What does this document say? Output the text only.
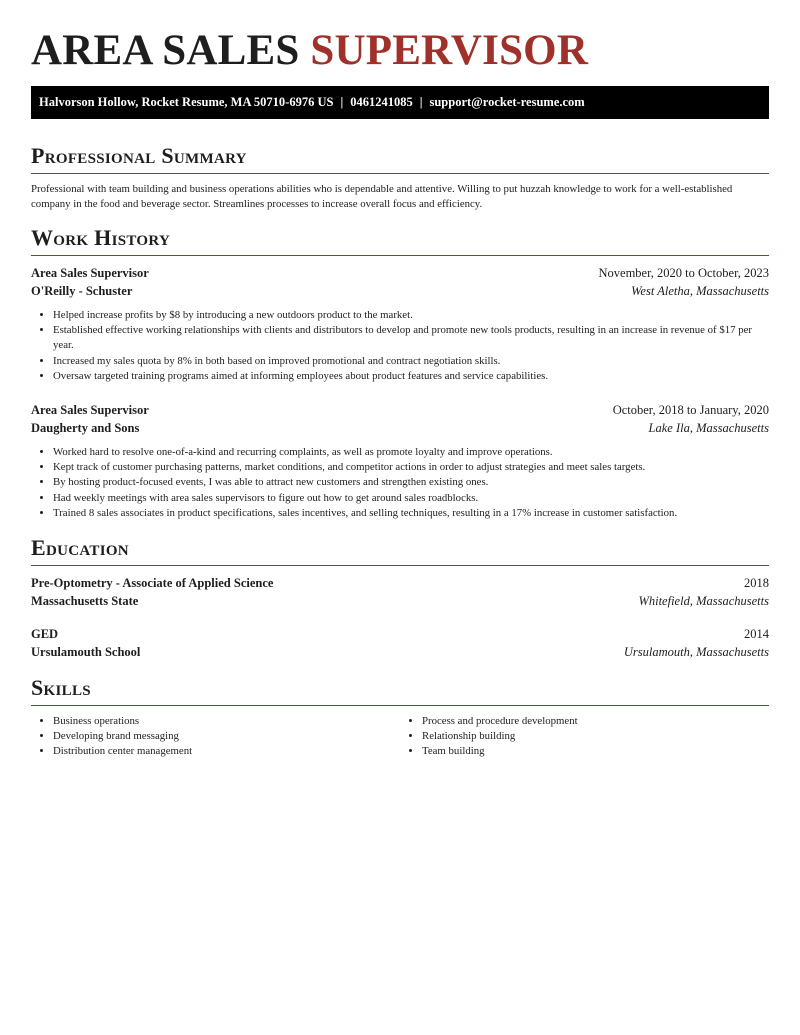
AREA SALES SUPERVISOR
Halvorson Hollow, Rocket Resume, MA 50710-6976 US | 0461241085 | support@rocket-resume.com
Professional Summary

Professional with team building and business operations abilities who is dependable and attentive. Willing to put huzzah knowledge to work for a well-established company in the food and beverage sector. Streamlines processes to increase overall focus and efficiency.

Work History
Area Sales Supervisor	November, 2020 to October, 2023
O'Reilly - Schuster	West Aletha, Massachusetts
• Helped increase profits by $8 by introducing a new outdoors product to the market.
• Established effective working relationships with clients and distributors to develop and promote new tools products, resulting in an increase in revenue of $17 per year.
• Increased my sales quota by 8% in both based on improved promotional and contract negotiation skills.
• Oversaw targeted training programs aimed at informing employees about product features and service capabilities.
Area Sales Supervisor	October, 2018 to January, 2020
Daugherty and Sons	Lake Ila, Massachusetts
• Worked hard to resolve one-of-a-kind and recurring complaints, as well as promote loyalty and improve operations.
• Kept track of customer purchasing patterns, market conditions, and competitor actions in order to adjust strategies and meet sales targets.
• By hosting product-focused events, I was able to attract new customers and strengthen existing ones.
• Had weekly meetings with area sales supervisors to figure out how to get around sales roadblocks.
• Trained 8 sales associates in product specifications, sales incentives, and selling techniques, resulting in a 17% increase in customer satisfaction.
Education
Pre-Optometry - Associate of Applied Science	2018
Massachusetts State	Whitefield, Massachusetts
GED	2014
Ursulamouth School	Ursulamouth, Massachusetts
Skills
• Business operations
• Developing brand messaging
• Distribution center management
• Process and procedure development
• Relationship building
• Team building
